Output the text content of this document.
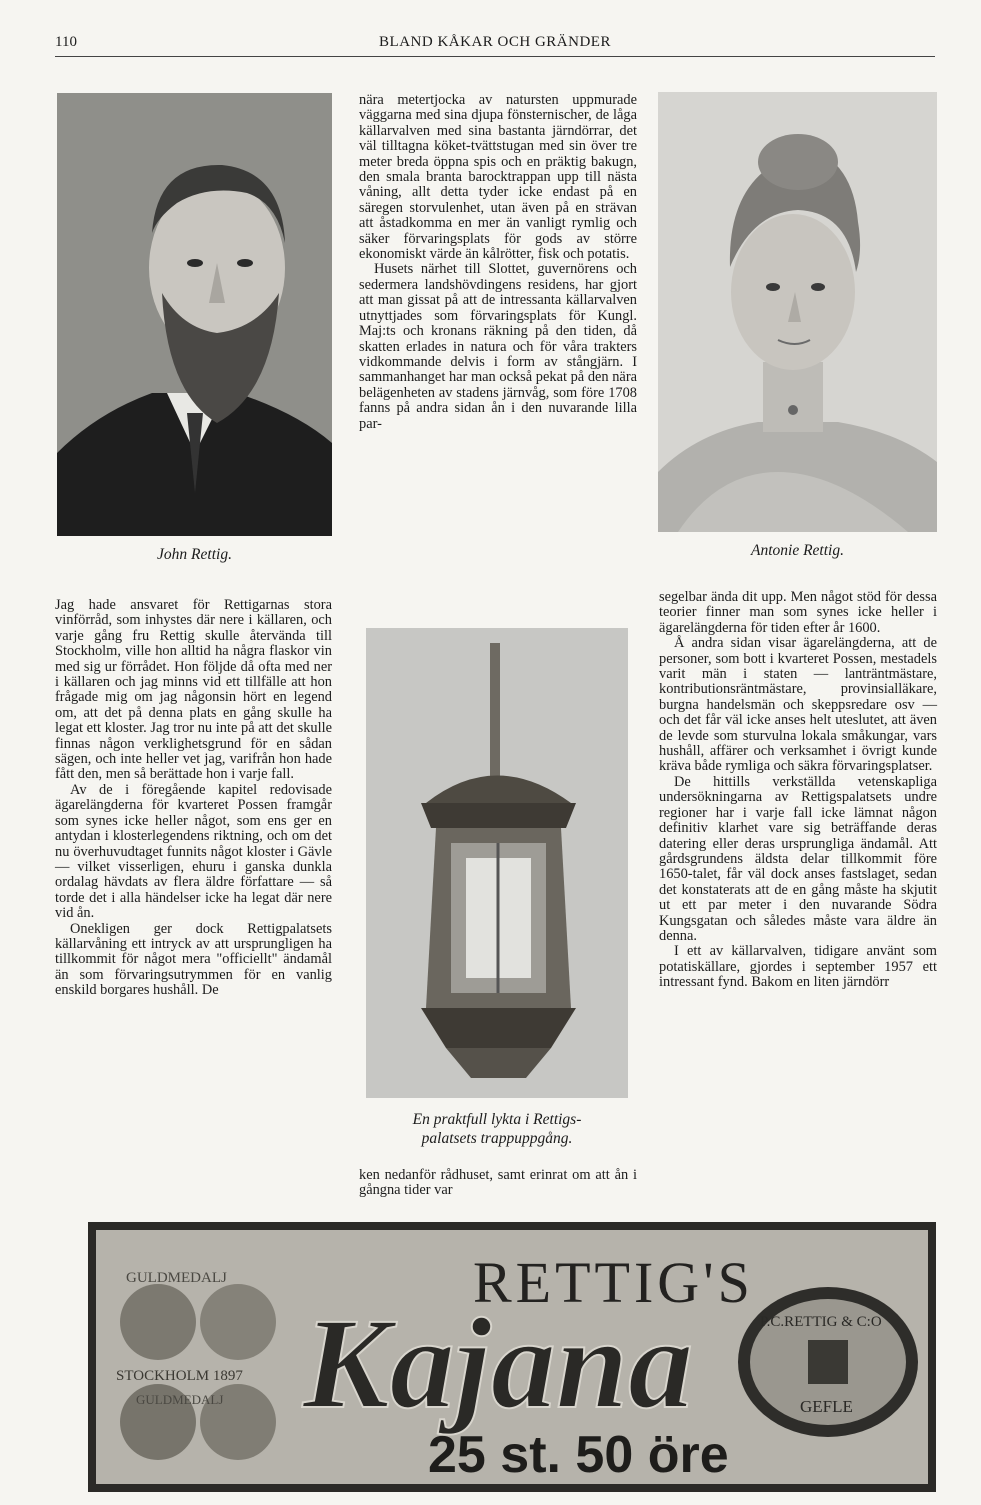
110	BLAND KÅKAR OCH GRÄNDER
John Rettig.	Antonie Rettig.
En praktfull lykta i Rettigs-
palatsets trappuppgång.

Jag hade ansvaret för Rettigarnas stora vinförråd, som inhystes där nere i källaren, och varje gång fru Rettig skulle återvända till Stockholm, ville hon alltid ha några flaskor vin med sig ur förrådet. Hon följde då ofta med ner i källaren och jag minns vid ett tillfälle att hon frågade mig om jag någonsin hört en legend om, att det på denna plats en gång skulle ha legat ett kloster. Jag tror nu inte på att det skulle finnas någon verklighetsgrund för en sådan sägen, och inte heller vet jag, varifrån hon hade fått den, men så berättade hon i varje fall.

Av de i föregående kapitel redovisade ägarelängderna för kvarteret Possen framgår som synes icke heller något, som ens ger en antydan i klosterlegendens riktning, och om det nu överhuvudtaget funnits något kloster i Gävle — vilket visserligen, ehuru i ganska dunkla ordalag hävdats av flera äldre författare — så torde det i alla händelser icke ha legat där nere vid ån.

Onekligen ger dock Rettigpalatsets källarvåning ett intryck av att ursprungligen ha tillkommit för något mera "officiellt" ändamål än som förvaringsutrymmen för en vanlig enskild borgares hushåll. De

nära metertjocka av natursten uppmurade väggarna med sina djupa fönsternischer, de låga källarvalven med sina bastanta järndörrar, det väl tilltagna köket-tvättstugan med sin över tre meter breda öppna spis och en präktig bakugn, den smala branta barocktrappan upp till nästa våning, allt detta tyder icke endast på en säregen storvulenhet, utan även på en strävan att åstadkomma en mer än vanligt rymlig och säker förvaringsplats för gods av större ekonomiskt värde än kålrötter, fisk och potatis.

Husets närhet till Slottet, guvernörens och sedermera landshövdingens residens, har gjort att man gissat på att de intressanta källarvalven utnyttjades som förvaringsplats för Kungl. Maj:ts och kronans räkning på den tiden, då skatten erlades in natura och för våra trakters vidkommande delvis i form av stångjärn. I sammanhanget har man också pekat på den nära belägenheten av stadens järnvåg, som före 1708 fanns på andra sidan ån i den nuvarande lilla par-

ken nedanför rådhuset, samt erinrat om att ån i gångna tider var

segelbar ända dit upp. Men något stöd för dessa teorier finner man som synes icke heller i ägarelängderna för tiden efter år 1600.

Å andra sidan visar ägarelängderna, att de personer, som bott i kvarteret Possen, mestadels varit män i staten — lanträntmästare, kontributionsräntmästare, provinsialläkare, burgna handelsmän och skeppsredare osv — och det får väl icke anses helt uteslutet, att även de levde som sturvulna lokala småkungar, vars hushåll, affärer och verksamhet i övrigt kunde kräva både rymliga och säkra förvaringsplatser.

De hittills verkställda vetenskapliga undersökningarna av Rettigspalatsets undre regioner har i varje fall icke lämnat någon definitiv klarhet vare sig beträffande deras datering eller deras ursprungliga ändamål. Att gårdsgrundens äldsta delar tillkommit före 1650-talet, får väl dock anses fastslaget, sedan det konstaterats att de en gång måste ha skjutit ut ett par meter i den nuvarande Södra Kungsgatan och således måste vara äldre än denna.

I ett av källarvalven, tidigare använt som potatiskällare, gjordes i september 1957 ett intressant fynd. Bakom en liten järndörr

GULDMEDALJ
STOCKHOLM 1897
GULDMEDALJ
RETTIG'S
Kajana
25 st. 50 öre
P.C.RETTIG & C:O
GEFLE
